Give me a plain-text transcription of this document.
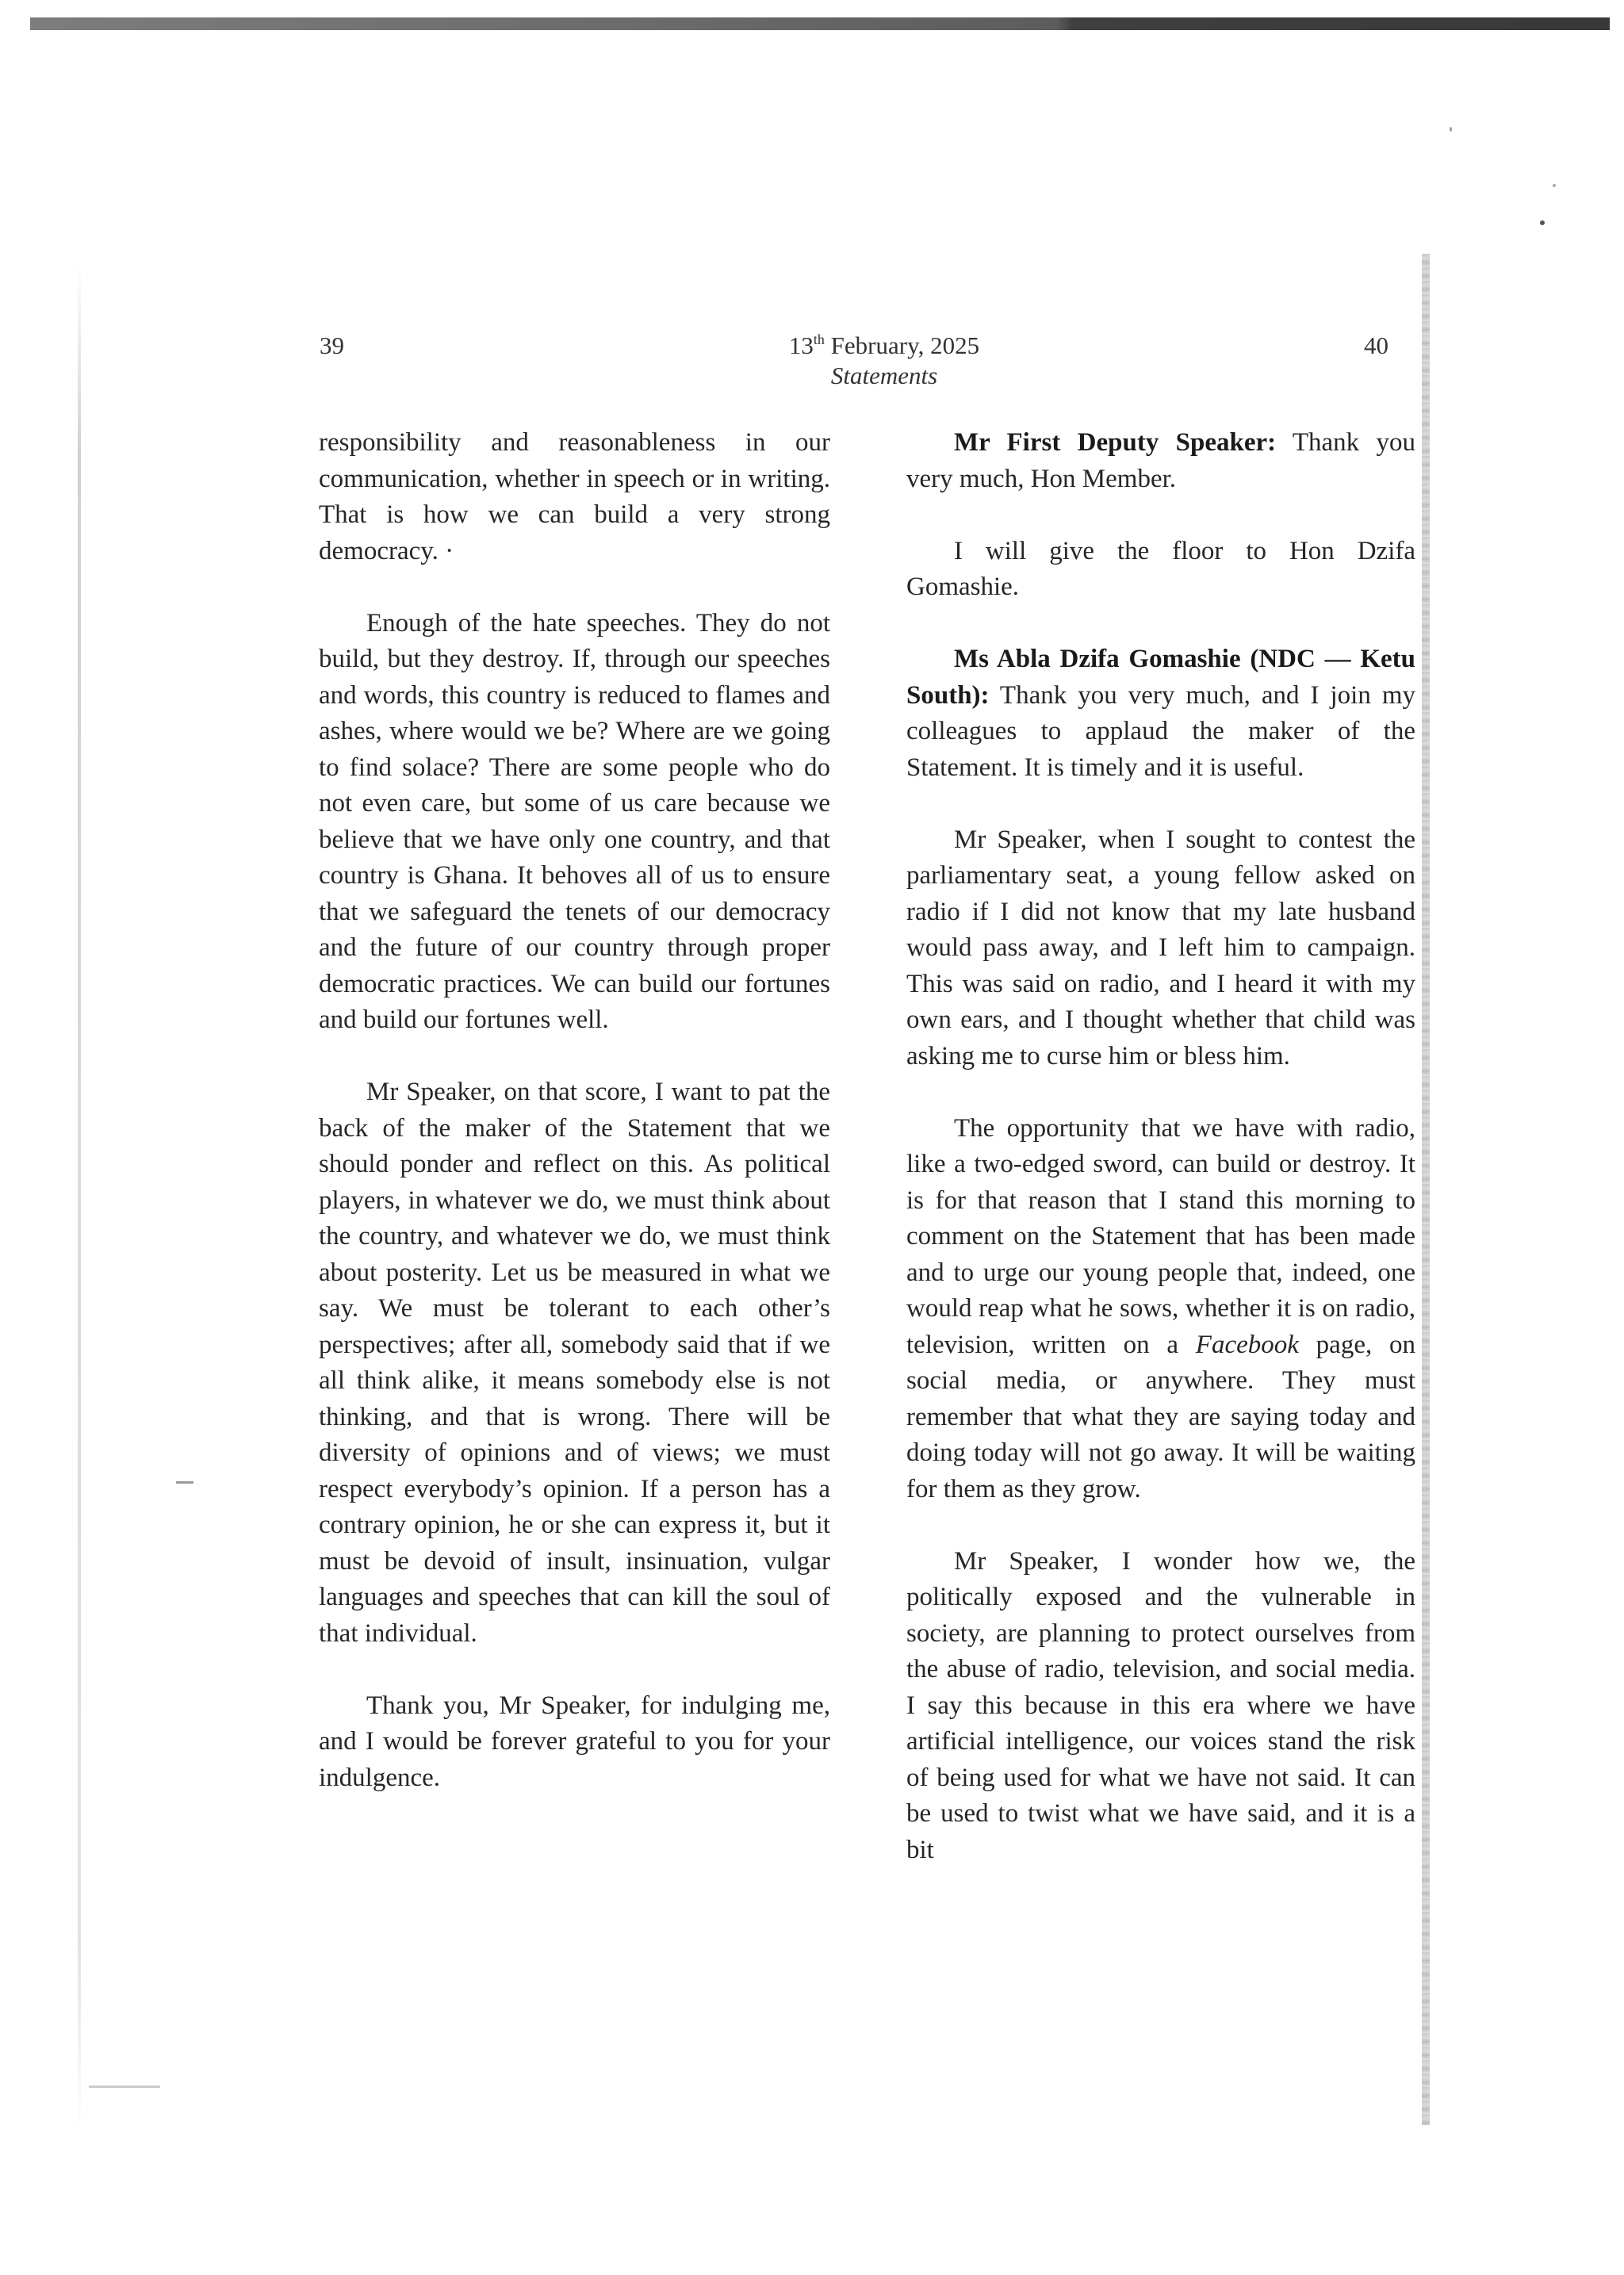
39	13th February, 2025
Statements
40

responsibility and reasonableness in our communication, whether in speech or in writing. That is how we can build a very strong democracy. ·

Enough of the hate speeches. They do not build, but they destroy. If, through our speeches and words, this country is reduced to flames and ashes, where would we be? Where are we going to find solace? There are some people who do not even care, but some of us care because we believe that we have only one country, and that country is Ghana. It behoves all of us to ensure that we safeguard the tenets of our democracy and the future of our country through proper democratic practices. We can build our fortunes and build our fortunes well.

Mr Speaker, on that score, I want to pat the back of the maker of the Statement that we should ponder and reflect on this. As political players, in whatever we do, we must think about the country, and whatever we do, we must think about posterity. Let us be measured in what we say. We must be tolerant to each other’s perspectives; after all, somebody said that if we all think alike, it means somebody else is not thinking, and that is wrong. There will be diversity of opinions and of views; we must respect everybody’s opinion. If a person has a contrary opinion, he or she can express it, but it must be devoid of insult, insinuation, vulgar languages and speeches that can kill the soul of that individual.

Thank you, Mr Speaker, for indulging me, and I would be forever grateful to you for your indulgence.

Mr First Deputy Speaker: Thank you very much, Hon Member.

I will give the floor to Hon Dzifa Gomashie.

Ms Abla Dzifa Gomashie (NDC — Ketu South): Thank you very much, and I join my colleagues to applaud the maker of the Statement. It is timely and it is useful.

Mr Speaker, when I sought to contest the parliamentary seat, a young fellow asked on radio if I did not know that my late husband would pass away, and I left him to campaign. This was said on radio, and I heard it with my own ears, and I thought whether that child was asking me to curse him or bless him.

The opportunity that we have with radio, like a two-edged sword, can build or destroy. It is for that reason that I stand this morning to comment on the Statement that has been made and to urge our young people that, indeed, one would reap what he sows, whether it is on radio, television, written on a Facebook page, on social media, or anywhere. They must remember that what they are saying today and doing today will not go away. It will be waiting for them as they grow.

Mr Speaker, I wonder how we, the politically exposed and the vulnerable in society, are planning to protect ourselves from the abuse of radio, television, and social media. I say this because in this era where we have artificial intelligence, our voices stand the risk of being used for what we have not said. It can be used to twist what we have said, and it is a bit
